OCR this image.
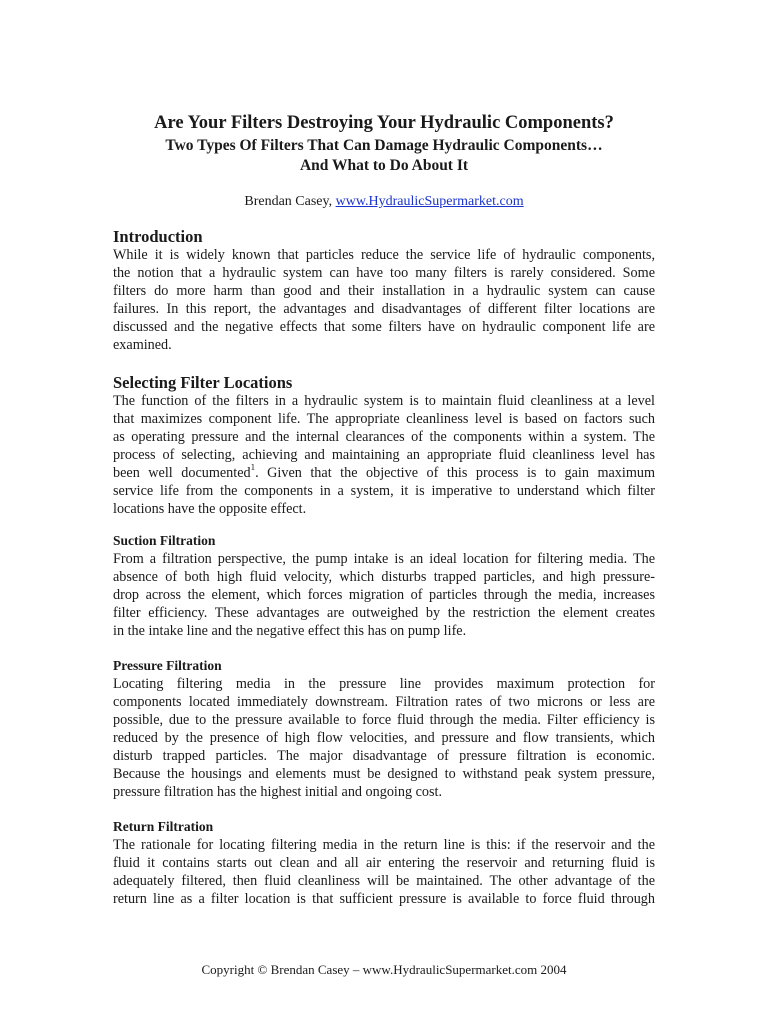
Are Your Filters Destroying Your Hydraulic Components?
Two Types Of Filters That Can Damage Hydraulic Components…
And What to Do About It
Brendan Casey, www.HydraulicSupermarket.com
Introduction

While it is widely known that particles reduce the service life of hydraulic components,
the notion that a hydraulic system can have too many filters is rarely considered. Some
filters do more harm than good and their installation in a hydraulic system can cause
failures. In this report, the advantages and disadvantages of different filter locations are
discussed and the negative effects that some filters have on hydraulic component life are
examined.

Selecting Filter Locations

The function of the filters in a hydraulic system is to maintain fluid cleanliness at a level
that maximizes component life. The appropriate cleanliness level is based on factors such
as operating pressure and the internal clearances of the components within a system. The
process of selecting, achieving and maintaining an appropriate fluid cleanliness level has
been well documented$^1$. Given that the objective of this process is to gain maximum
service life from the components in a system, it is imperative to understand which filter
locations have the opposite effect.

Suction Filtration

From a filtration perspective, the pump intake is an ideal location for filtering media. The
absence of both high fluid velocity, which disturbs trapped particles, and high pressure-
drop across the element, which forces migration of particles through the media, increases
filter efficiency. These advantages are outweighed by the restriction the element creates
in the intake line and the negative effect this has on pump life.

Pressure Filtration

Locating filtering media in the pressure line provides maximum protection for
components located immediately downstream. Filtration rates of two microns or less are
possible, due to the pressure available to force fluid through the media. Filter efficiency is
reduced by the presence of high flow velocities, and pressure and flow transients, which
disturb trapped particles. The major disadvantage of pressure filtration is economic.
Because the housings and elements must be designed to withstand peak system pressure,
pressure filtration has the highest initial and ongoing cost.

Return Filtration

The rationale for locating filtering media in the return line is this: if the reservoir and the
fluid it contains starts out clean and all air entering the reservoir and returning fluid is
adequately filtered, then fluid cleanliness will be maintained. The other advantage of the
return line as a filter location is that sufficient pressure is available to force fluid through

Copyright © Brendan Casey – www.HydraulicSupermarket.com 2004
